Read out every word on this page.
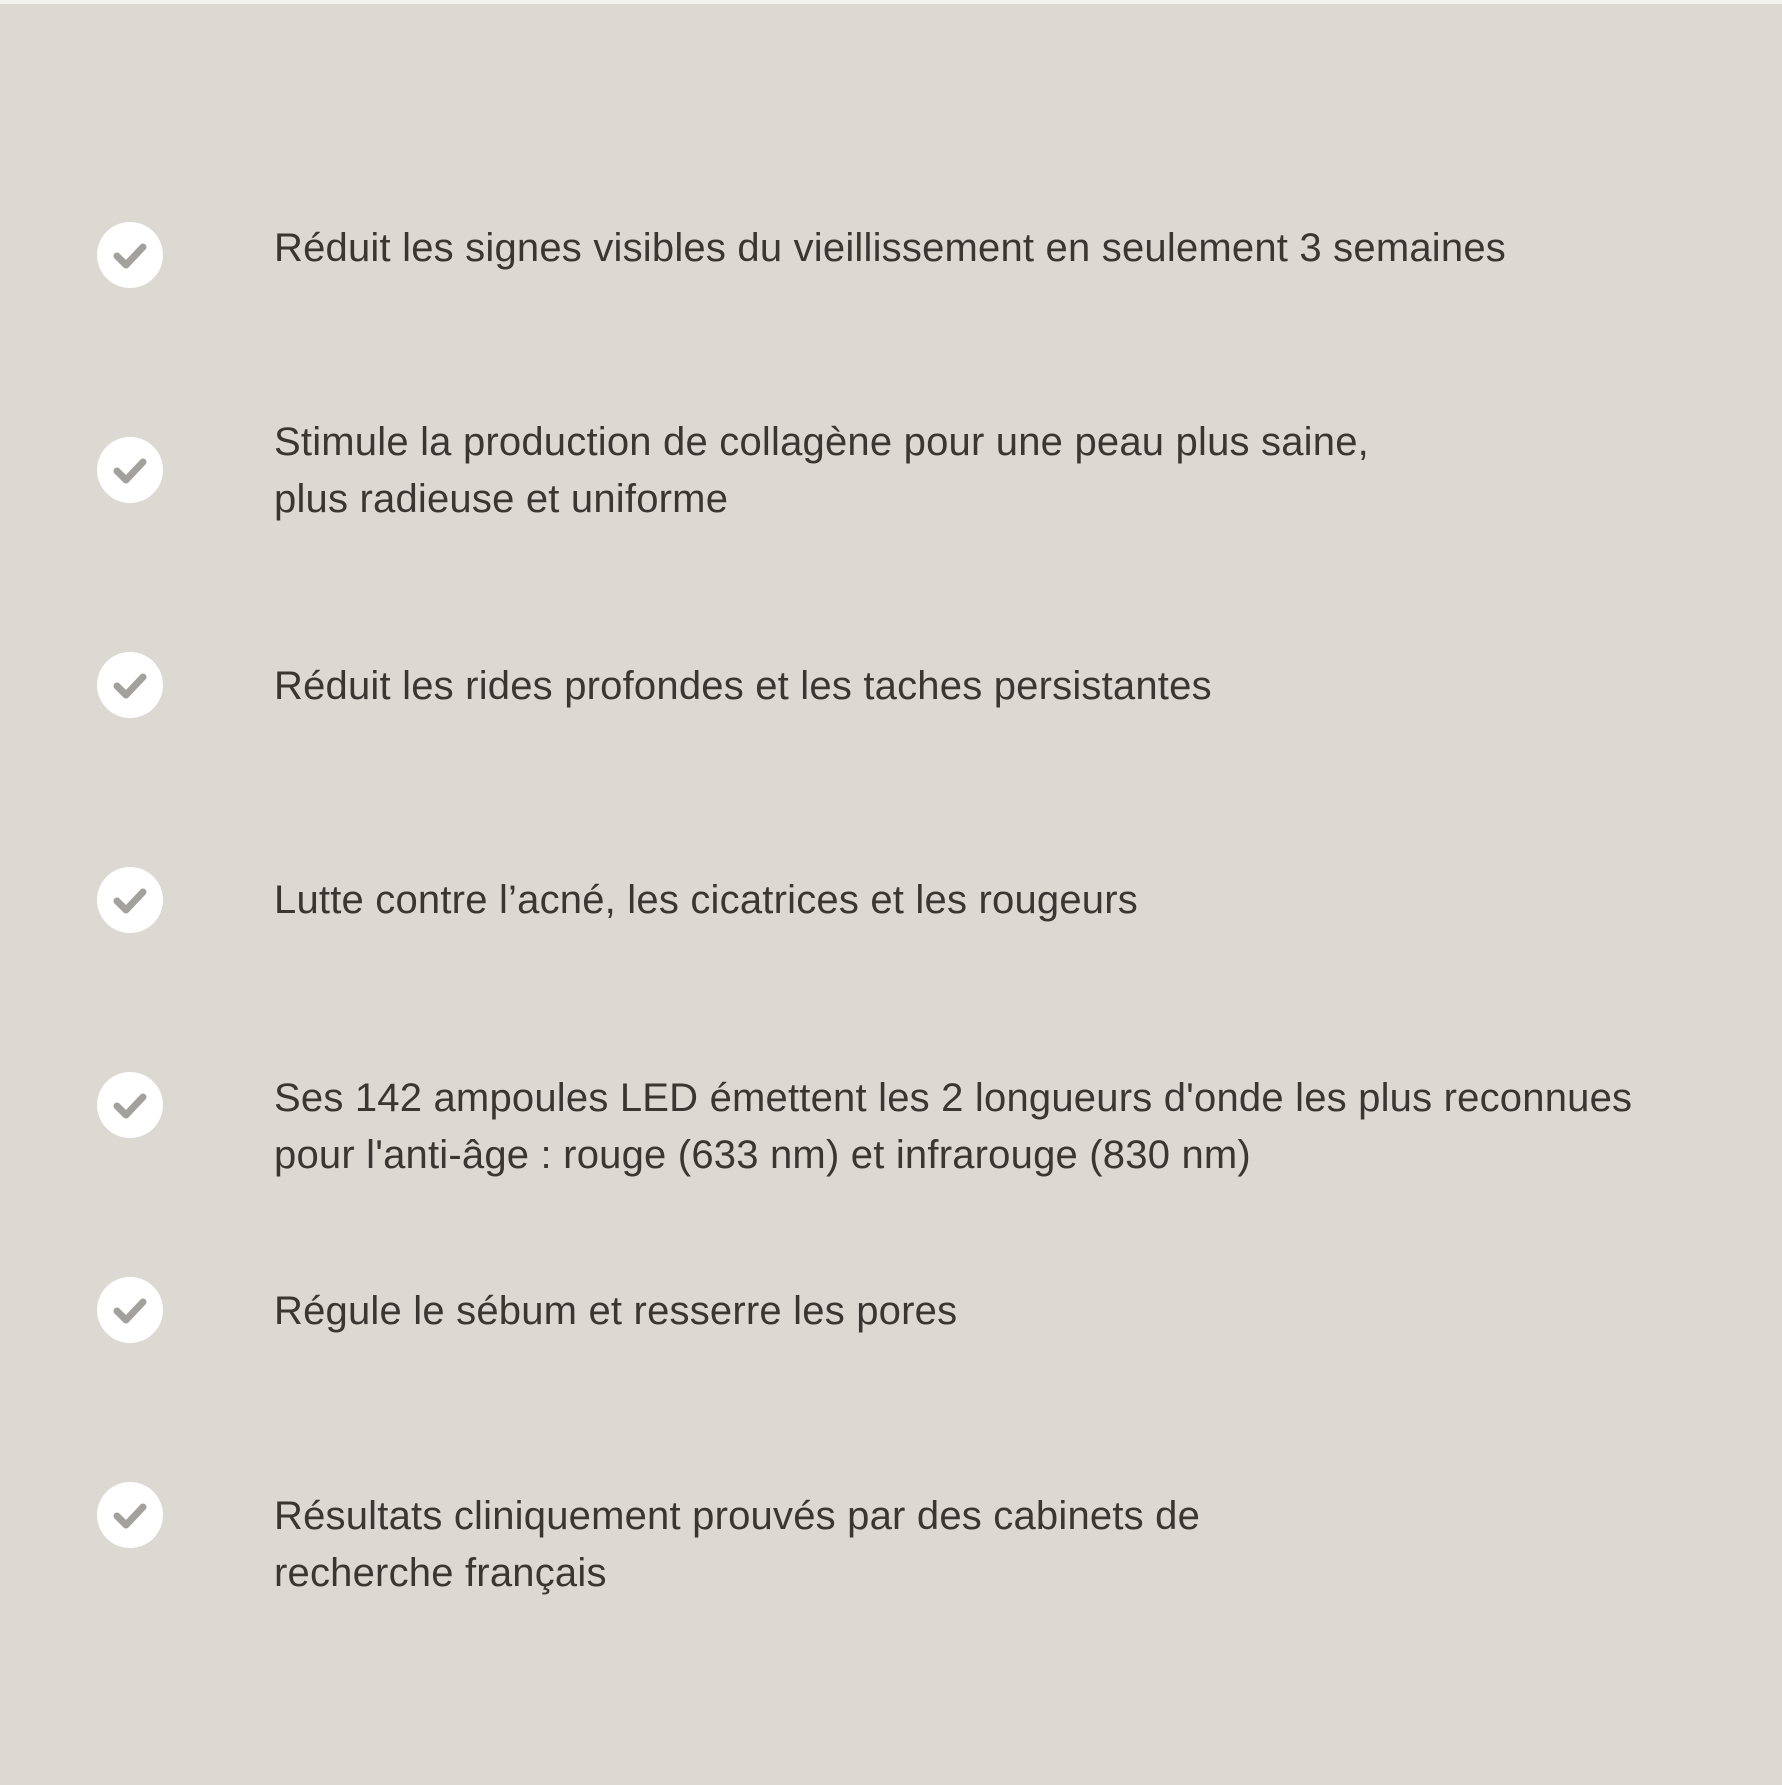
Réduit les signes visibles du vieillissement en seulement 3 semaines

Stimule la production de collagène pour une peau plus saine,
plus radieuse et uniforme

Réduit les rides profondes et les taches persistantes

Lutte contre l’acné, les cicatrices et les rougeurs

Ses 142 ampoules LED émettent les 2 longueurs d'onde les plus reconnues
pour l'anti-âge : rouge (633 nm) et infrarouge (830 nm)

Régule le sébum et resserre les pores

Résultats cliniquement prouvés par des cabinets de
recherche français
